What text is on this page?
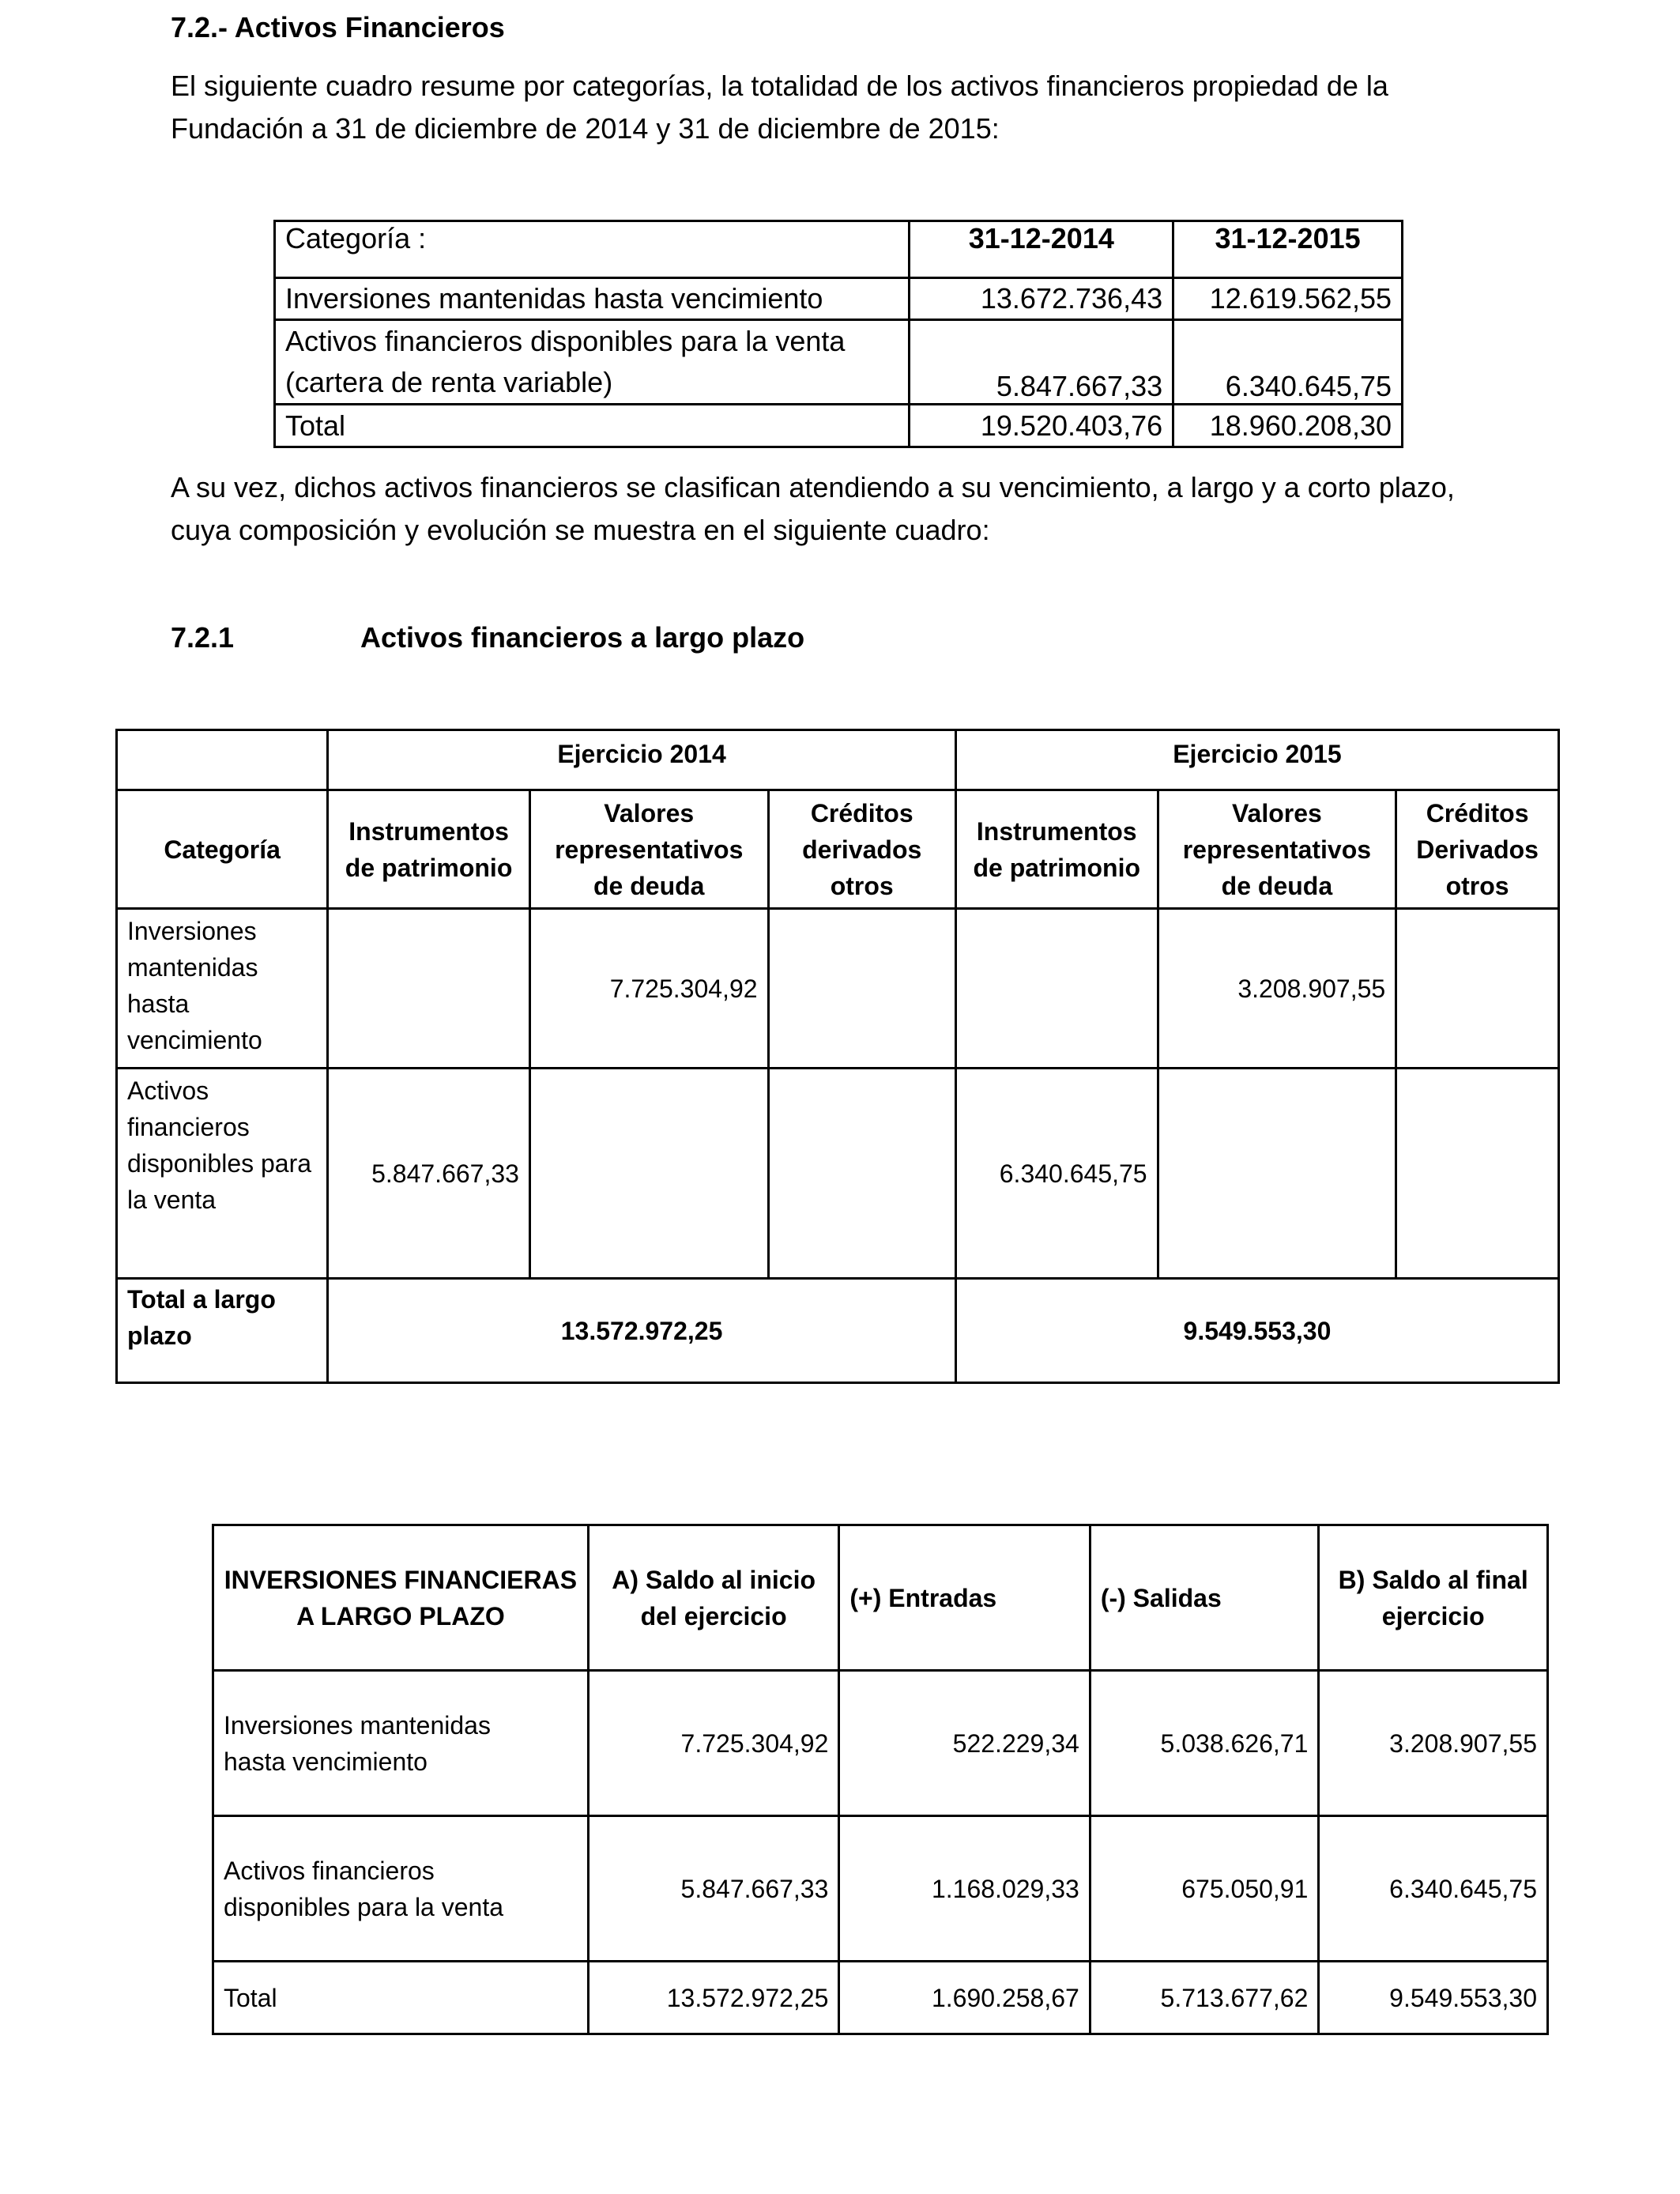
7.2.- Activos Financieros
El siguiente cuadro resume por categorías, la totalidad de los activos financieros propiedad de la Fundación a 31 de diciembre de 2014 y 31 de diciembre de 2015:
Categoría :	31-12-2014	31-12-2015
Inversiones mantenidas hasta vencimiento	13.672.736,43	12.619.562,55
Activos financieros disponibles para la venta (cartera de renta variable)	5.847.667,33	6.340.645,75
Total	19.520.403,76	18.960.208,30
A su vez, dichos activos financieros se clasifican atendiendo a su vencimiento, a largo y a corto plazo, cuya composición y evolución se muestra en el siguiente cuadro:
7.2.1	Activos financieros a largo plazo
	Ejercicio 2014			Ejercicio 2015		
Categoría	Instrumentos de patrimonio	Valores representativos de deuda	Créditos derivados otros	Instrumentos de patrimonio	Valores representativos de deuda	Créditos Derivados otros
Inversiones mantenidas hasta vencimiento		7.725.304,92			3.208.907,55	
Activos financieros disponibles para la venta	5.847.667,33			6.340.645,75		
Total a largo plazo	13.572.972,25			9.549.553,30		
INVERSIONES FINANCIERAS A LARGO PLAZO	A) Saldo al inicio del ejercicio	(+) Entradas	(-) Salidas	B) Saldo al final ejercicio
Inversiones mantenidas hasta vencimiento	7.725.304,92	522.229,34	5.038.626,71	3.208.907,55
Activos financieros disponibles para la venta	5.847.667,33	1.168.029,33	675.050,91	6.340.645,75
Total	13.572.972,25	1.690.258,67	5.713.677,62	9.549.553,30
